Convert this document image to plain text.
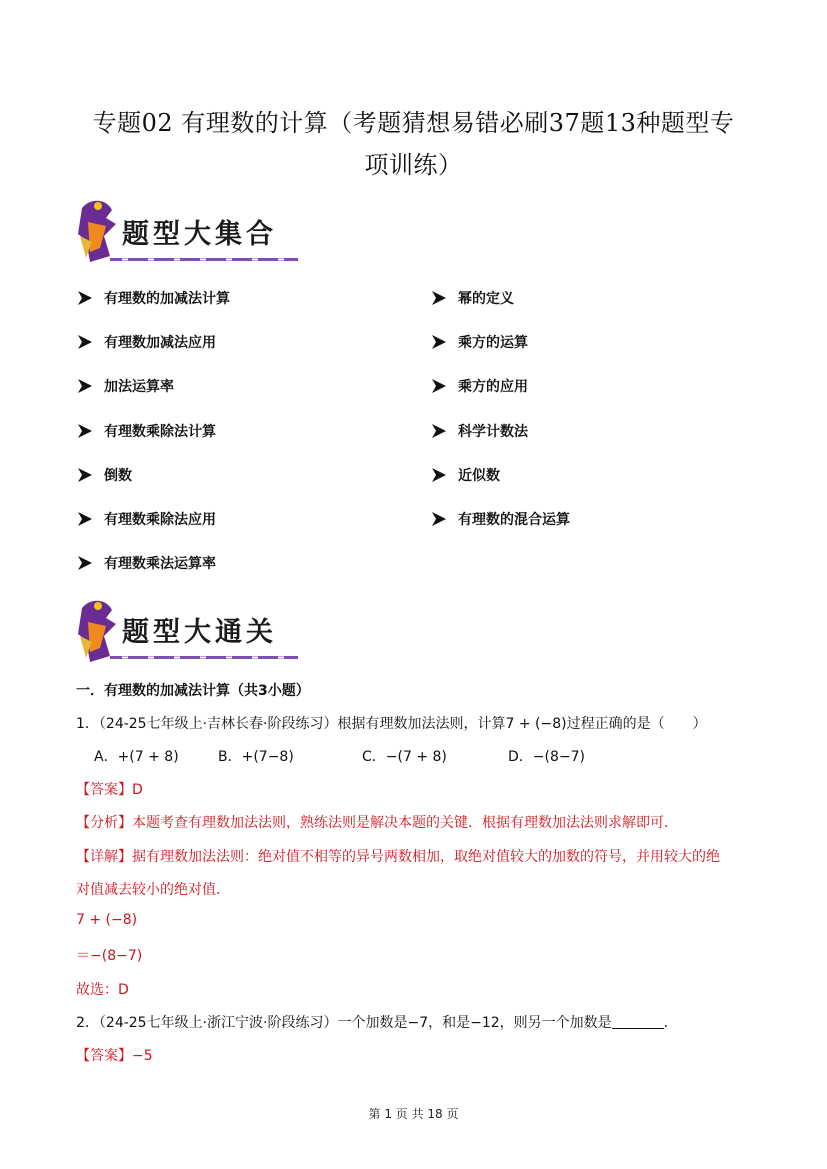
专题02 有理数的计算（考题猜想易错必刷37题13种题型专
项训练）
题型大集合
有理数的加减法计算
有理数加减法应用
加法运算率
有理数乘除法计算
倒数
有理数乘除法应用
有理数乘法运算率
幂的定义
乘方的运算
乘方的应用
科学计数法
近似数
有理数的混合运算
题型大通关
一．有理数的加减法计算（共3小题）
1．（24-25七年级上·吉林长春·阶段练习）根据有理数加法法则，计算7 + (−8)过程正确的是（　　）
A．+(7 + 8)	B．+(7−8)	C．−(7 + 8)	D．−(8−7)
【答案】D
【分析】本题考查有理数加法法则，熟练法则是解决本题的关键．根据有理数加法法则求解即可．
【详解】据有理数加法法则：绝对值不相等的异号两数相加，取绝对值较大的加数的符号，并用较大的绝
对值减去较小的绝对值．
7 + (−8)
＝−(8−7)
故选：D
2．（24-25七年级上·浙江宁波·阶段练习）一个加数是−7，和是−12，则另一个加数是	．
【答案】−5
第 1 页 共 18 页
